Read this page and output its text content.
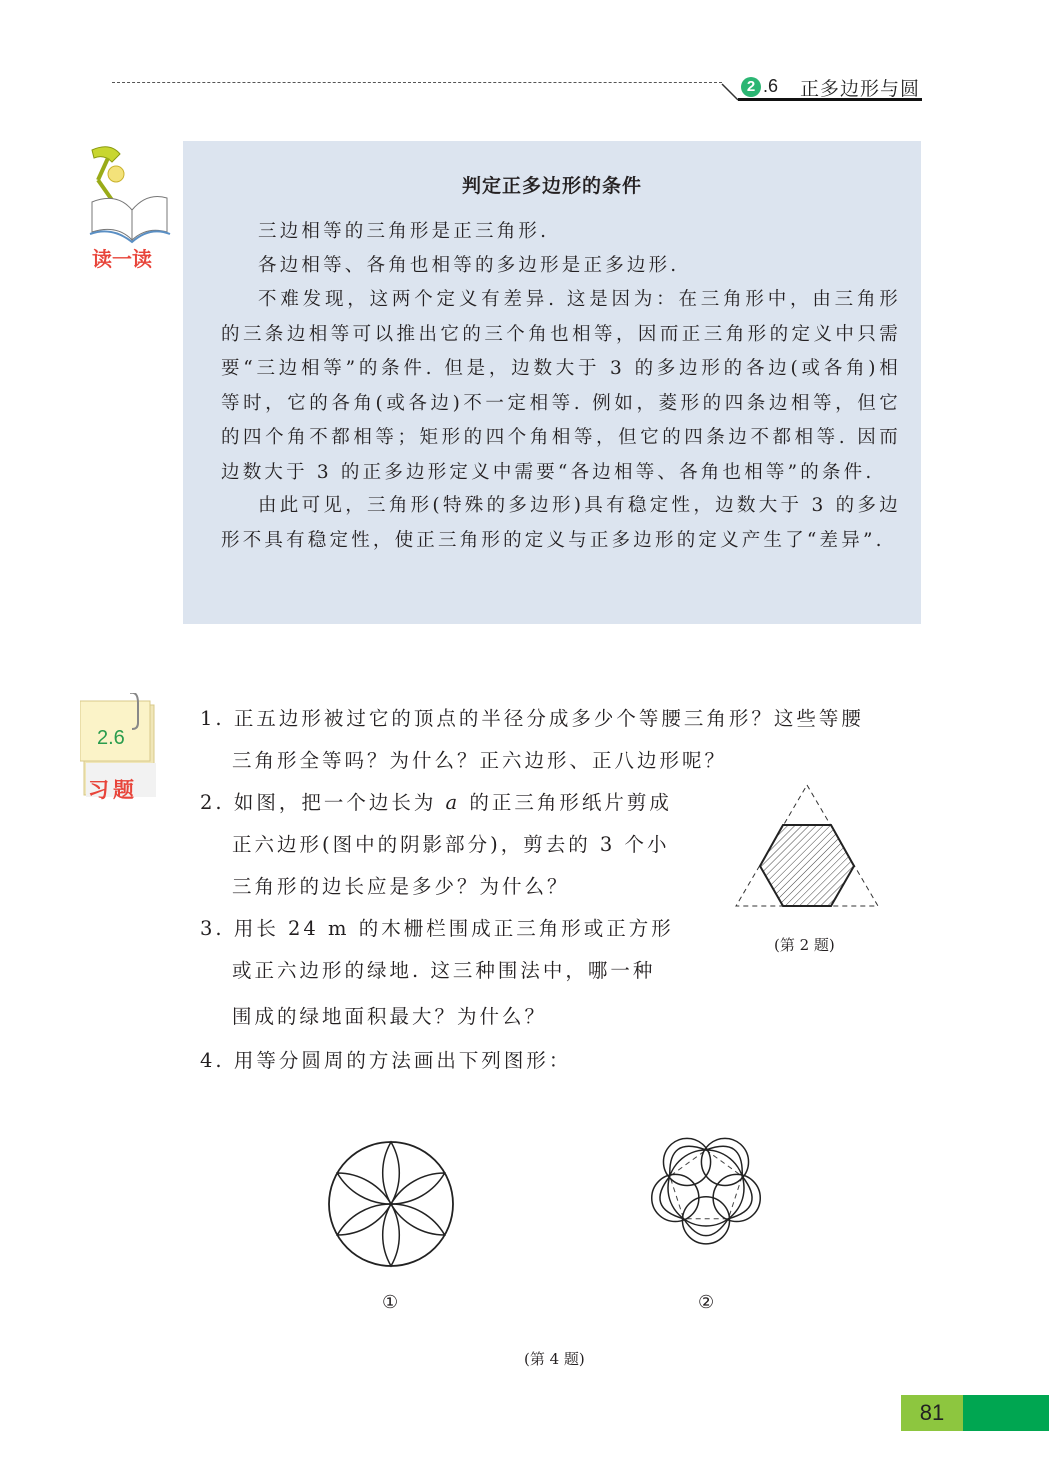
2 .6 正多边形与圆
读一读
判定正多边形的条件

三边相等的三角形是正三角形.

各边相等、各角也相等的多边形是正多边形.

不难发现，这两个定义有差异. 这是因为：在三角形中，由三角形的三条边相等可以推出它的三个角也相等，因而正三角形的定义中只需要“三边相等”的条件. 但是，边数大于 3 的多边形的各边(或各角)相等时，它的各角(或各边)不一定相等. 例如，菱形的四条边相等，但它的四个角不都相等；矩形的四个角相等，但它的四条边不都相等. 因而边数大于 3 的正多边形定义中需要“各边相等、各角也相等”的条件.

由此可见，三角形(特殊的多边形)具有稳定性，边数大于 3 的多边形不具有稳定性，使正三角形的定义与正多边形的定义产生了“差异”.

2.6
习题
1. 正五边形被过它的顶点的半径分成多少个等腰三角形？这些等腰
三角形全等吗？为什么？正六边形、正八边形呢？
2. 如图，把一个边长为 a 的正三角形纸片剪成
正六边形(图中的阴影部分)，剪去的 3 个小
三角形的边长应是多少？为什么？
(第 2 题)
3. 用长 24 m 的木栅栏围成正三角形或正方形
或正六边形的绿地. 这三种围法中，哪一种
围成的绿地面积最大？为什么？
4. 用等分圆周的方法画出下列图形：
①	②
(第 4 题)
81
